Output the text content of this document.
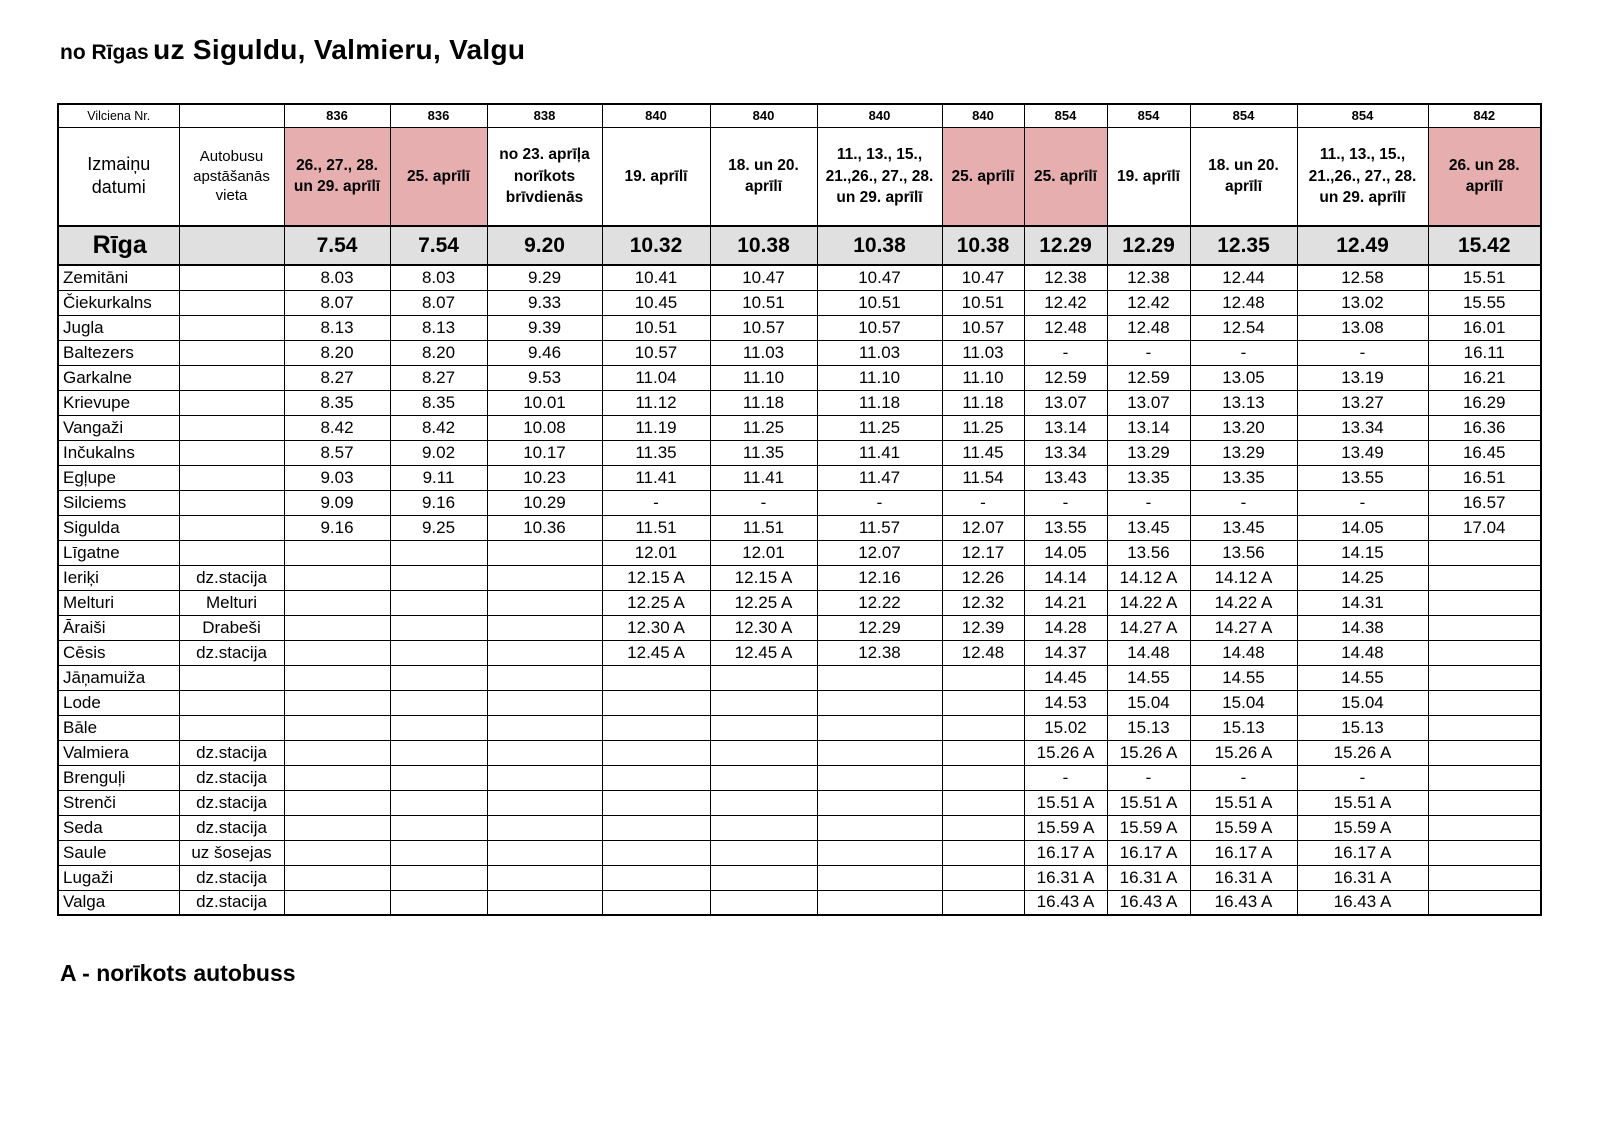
no Rīgas uz Siguldu, Valmieru, Valgu
Vilciena Nr.		836	836	838	840	840	840	840	854	854	854	854	842
Izmaiņu datumi	Autobusu apstāšanās vieta	26., 27., 28. un 29. aprīlī	25. aprīlī	no 23. aprīļa norīkots brīvdienās	19. aprīlī	18. un 20. aprīlī	11., 13., 15., 21.,26., 27., 28. un 29. aprīlī	25. aprīlī	25. aprīlī	19. aprīlī	18. un 20. aprīlī	11., 13., 15., 21.,26., 27., 28. un 29. aprīlī	26. un 28. aprīlī
Rīga		7.54	7.54	9.20	10.32	10.38	10.38	10.38	12.29	12.29	12.35	12.49	15.42
Zemitāni		8.03	8.03	9.29	10.41	10.47	10.47	10.47	12.38	12.38	12.44	12.58	15.51
Čiekurkalns		8.07	8.07	9.33	10.45	10.51	10.51	10.51	12.42	12.42	12.48	13.02	15.55
Jugla		8.13	8.13	9.39	10.51	10.57	10.57	10.57	12.48	12.48	12.54	13.08	16.01
Baltezers		8.20	8.20	9.46	10.57	11.03	11.03	11.03	-	-	-	-	16.11
Garkalne		8.27	8.27	9.53	11.04	11.10	11.10	11.10	12.59	12.59	13.05	13.19	16.21
Krievupe		8.35	8.35	10.01	11.12	11.18	11.18	11.18	13.07	13.07	13.13	13.27	16.29
Vangaži		8.42	8.42	10.08	11.19	11.25	11.25	11.25	13.14	13.14	13.20	13.34	16.36
Inčukalns		8.57	9.02	10.17	11.35	11.35	11.41	11.45	13.34	13.29	13.29	13.49	16.45
Egļupe		9.03	9.11	10.23	11.41	11.41	11.47	11.54	13.43	13.35	13.35	13.55	16.51
Silciems		9.09	9.16	10.29	-	-	-	-	-	-	-	-	16.57
Sigulda		9.16	9.25	10.36	11.51	11.51	11.57	12.07	13.55	13.45	13.45	14.05	17.04
Līgatne					12.01	12.01	12.07	12.17	14.05	13.56	13.56	14.15	
Ieriķi	dz.stacija				12.15 A	12.15 A	12.16	12.26	14.14	14.12 A	14.12 A	14.25	
Melturi	Melturi				12.25 A	12.25 A	12.22	12.32	14.21	14.22 A	14.22 A	14.31	
Āraiši	Drabeši				12.30 A	12.30 A	12.29	12.39	14.28	14.27 A	14.27 A	14.38	
Cēsis	dz.stacija				12.45 A	12.45 A	12.38	12.48	14.37	14.48	14.48	14.48	
Jāņamuiža									14.45	14.55	14.55	14.55	
Lode									14.53	15.04	15.04	15.04	
Bāle									15.02	15.13	15.13	15.13	
Valmiera	dz.stacija								15.26 A	15.26 A	15.26 A	15.26 A	
Brenguļi	dz.stacija								-	-	-	-	
Strenči	dz.stacija								15.51 A	15.51 A	15.51 A	15.51 A	
Seda	dz.stacija								15.59 A	15.59 A	15.59 A	15.59 A	
Saule	uz šosejas								16.17 A	16.17 A	16.17 A	16.17 A	
Lugaži	dz.stacija								16.31 A	16.31 A	16.31 A	16.31 A	
Valga	dz.stacija								16.43 A	16.43 A	16.43 A	16.43 A	
A - norīkots autobuss
